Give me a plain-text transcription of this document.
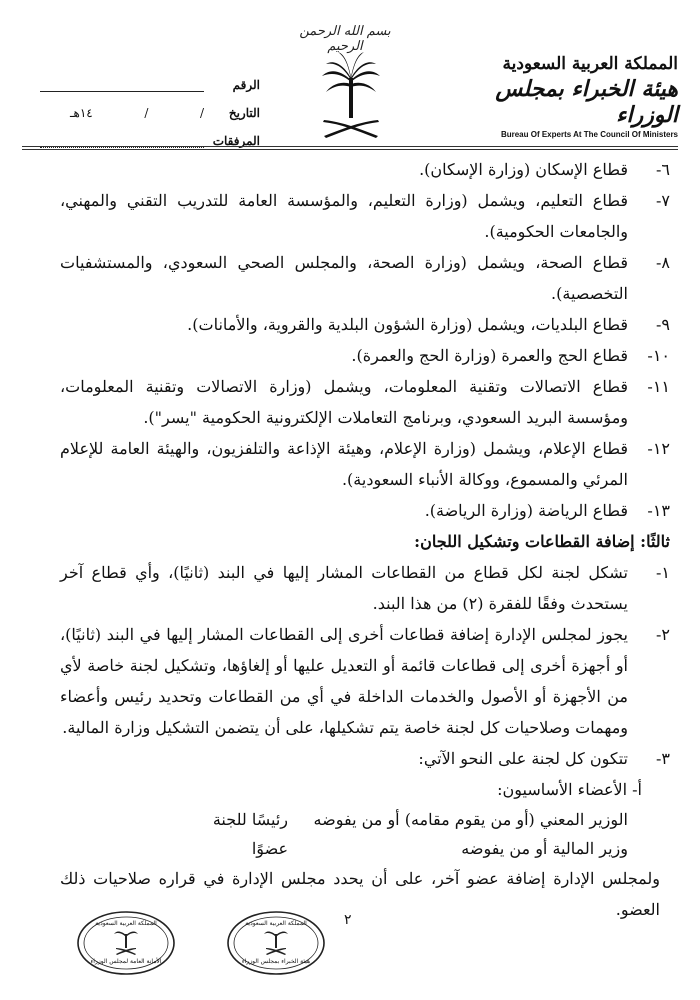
بسم الله الرحمن الرحيم
الرقم
التاريخ
/
/
١٤هـ
المرفقات
المملكة العربية السعودية
هيئة الخبراء بمجلس الوزراء
Bureau Of Experts At The Council Of Ministers
٦-
قطاع الإسكان (وزارة الإسكان).
٧-
قطاع التعليم، ويشمل (وزارة التعليم، والمؤسسة العامة للتدريب التقني والمهني، والجامعات الحكومية).
٨-
قطاع الصحة، ويشمل (وزارة الصحة، والمجلس الصحي السعودي، والمستشفيات التخصصية).
٩-
قطاع البلديات، ويشمل (وزارة الشؤون البلدية والقروية، والأمانات).
١٠-
قطاع الحج والعمرة (وزارة الحج والعمرة).
١١-
قطاع الاتصالات وتقنية المعلومات، ويشمل (وزارة الاتصالات وتقنية المعلومات، ومؤسسة البريد السعودي، وبرنامج التعاملات الإلكترونية الحكومية "يسر").
١٢-
قطاع الإعلام، ويشمل (وزارة الإعلام، وهيئة الإذاعة والتلفزيون، والهيئة العامة للإعلام المرئي والمسموع، ووكالة الأنباء السعودية).
١٣-
قطاع الرياضة (وزارة الرياضة).
ثالثًا: إضافة القطاعات وتشكيل اللجان:
١-
تشكل لجنة لكل قطاع من القطاعات المشار إليها في البند (ثانيًا)، وأي قطاع آخر يستحدث وفقًا للفقرة (٢) من هذا البند.
٢-
يجوز لمجلس الإدارة إضافة قطاعات أخرى إلى القطاعات المشار إليها في البند (ثانيًا)، أو أجهزة أخرى إلى قطاعات قائمة أو التعديل عليها أو إلغاؤها، وتشكيل لجنة خاصة لأي من الأجهزة أو الأصول والخدمات الداخلة في أي من القطاعات وتحديد رئيس وأعضاء ومهمات وصلاحيات كل لجنة خاصة يتم تشكيلها، على أن يتضمن التشكيل وزارة المالية.
٣-
تتكون كل لجنة على النحو الآتي:
أ- الأعضاء الأساسيون:
الوزير المعني (أو من يقوم مقامه) أو من يفوضه
رئيسًا للجنة
وزير المالية أو من يفوضه
عضوًا
ولمجلس الإدارة إضافة عضو آخر، على أن يحدد مجلس الإدارة في قراره صلاحيات ذلك العضو.
٢
المملكة العربية السعودية
الأمانة العامة لمجلس الوزراء
المملكة العربية السعودية
هيئة الخبراء بمجلس الوزراء
